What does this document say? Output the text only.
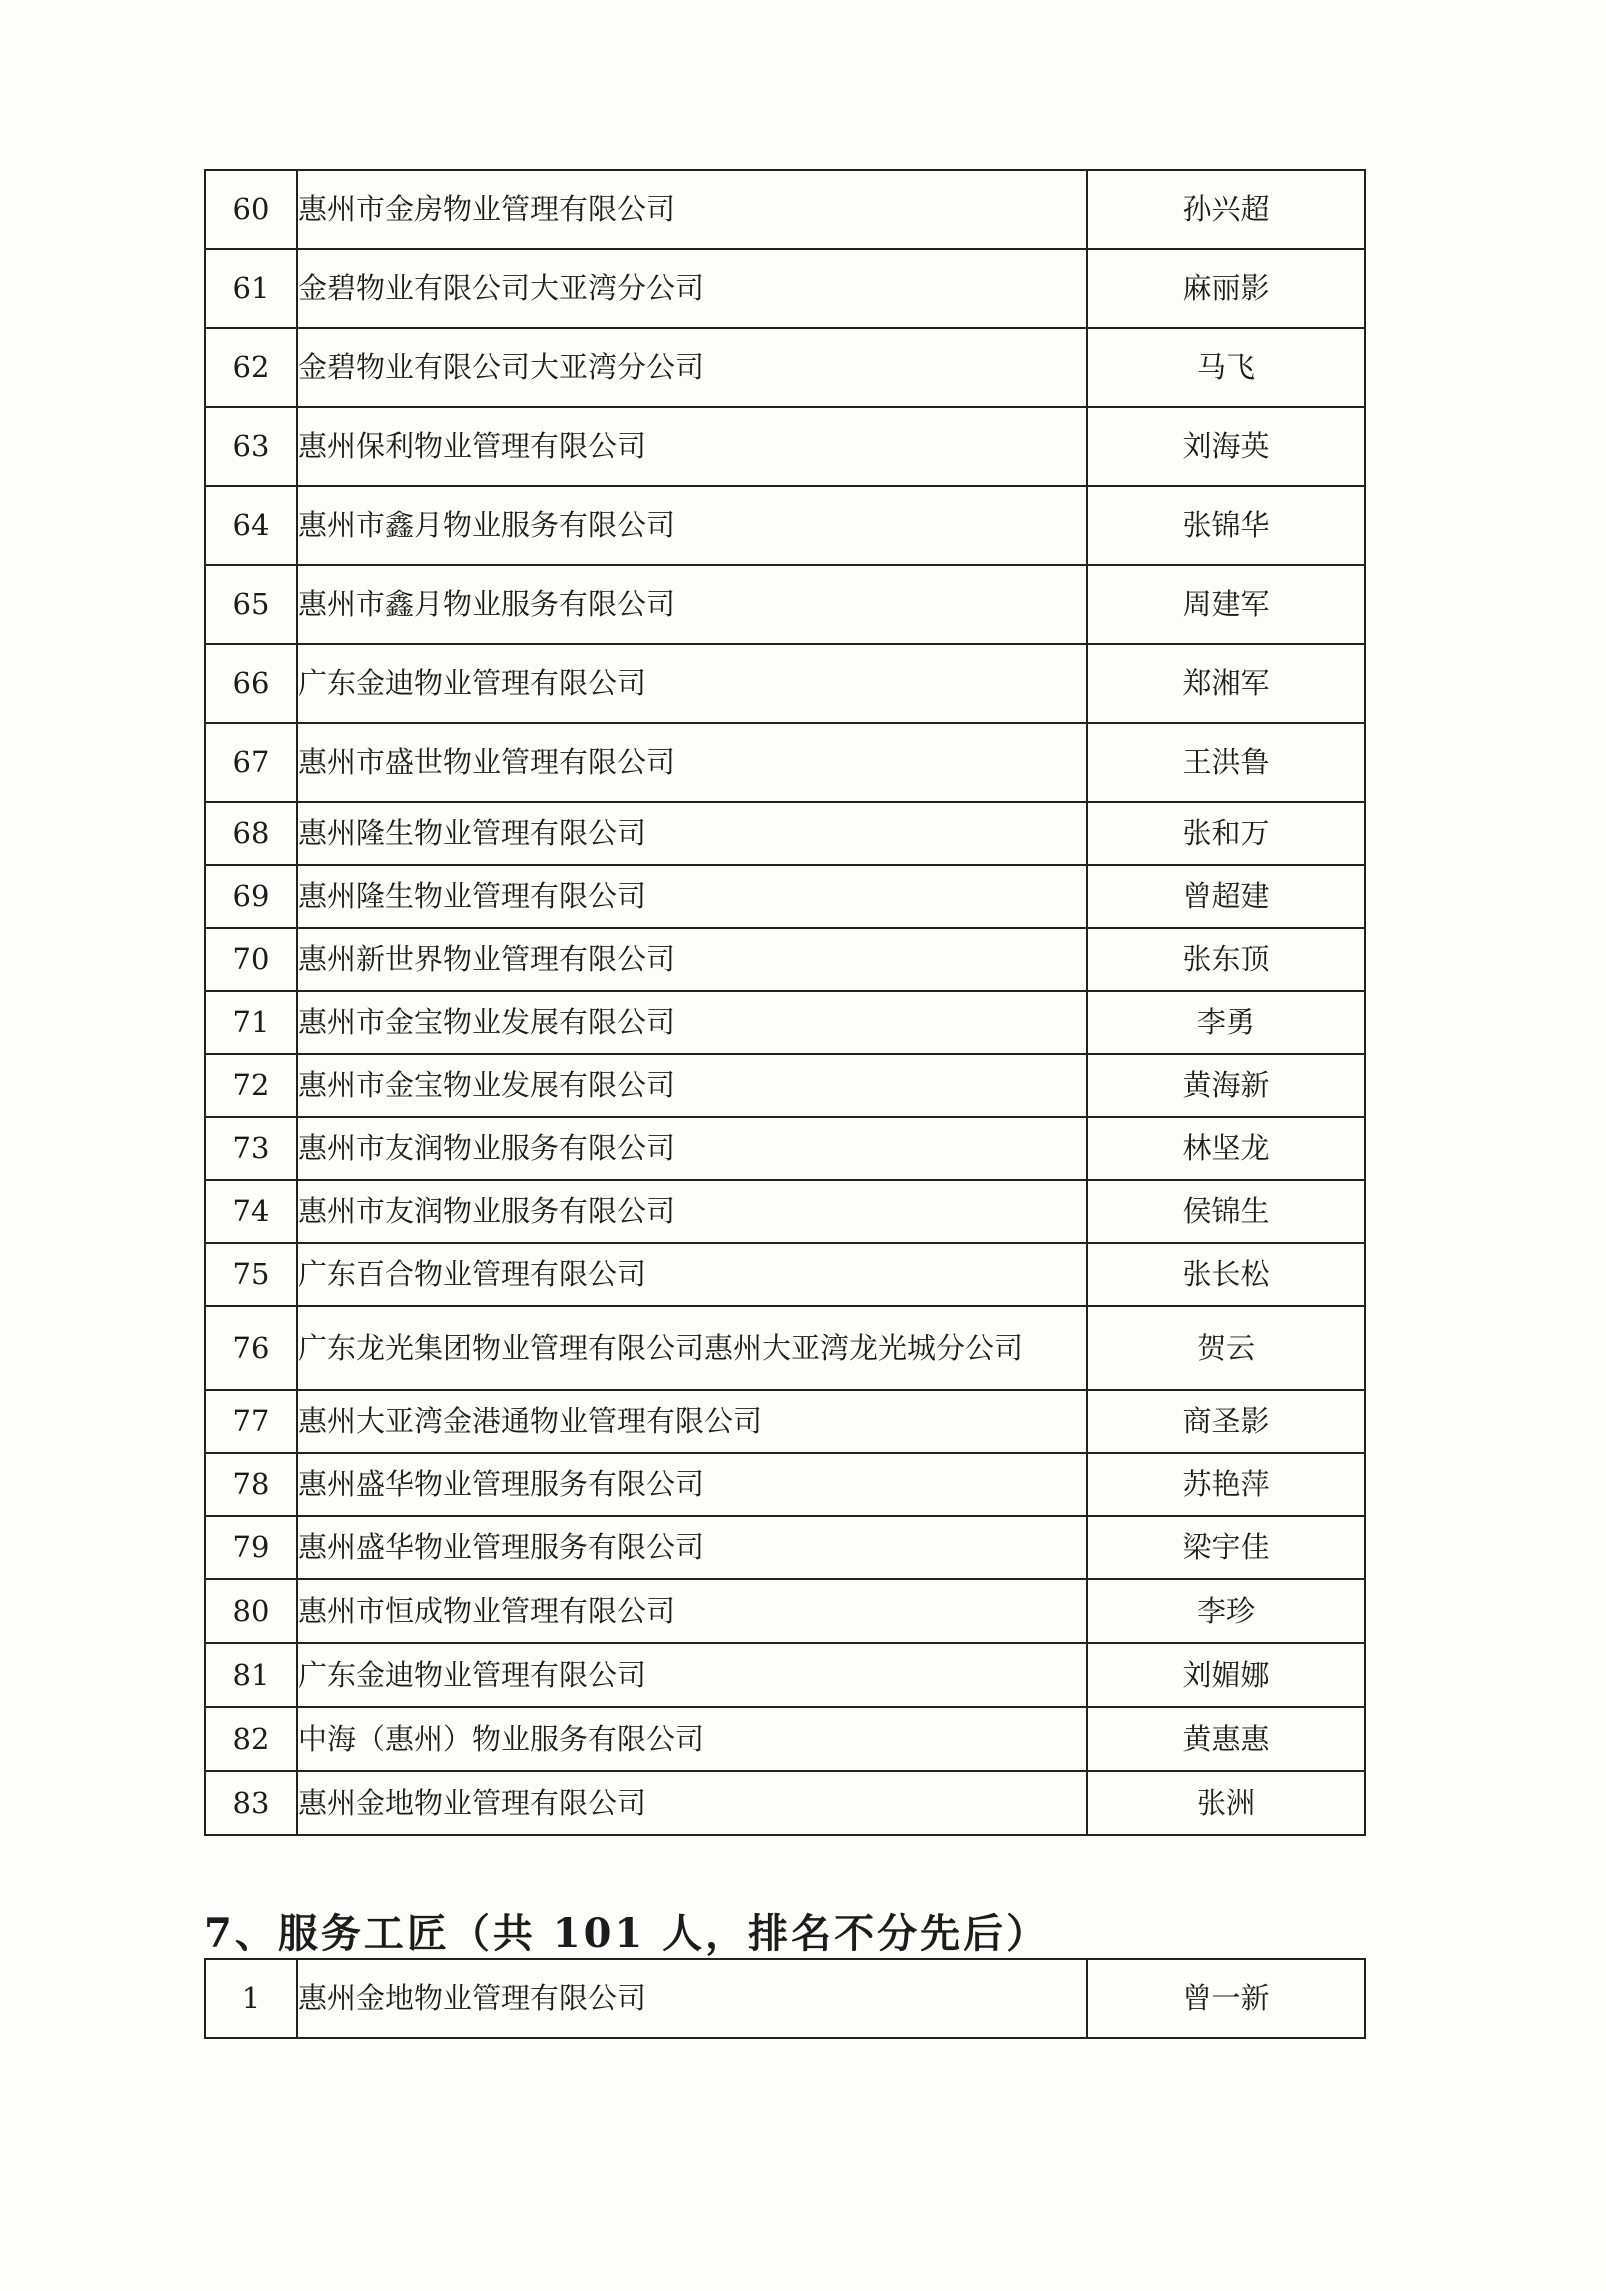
60	惠州市金房物业管理有限公司	孙兴超
61	金碧物业有限公司大亚湾分公司	麻丽影
62	金碧物业有限公司大亚湾分公司	马飞
63	惠州保利物业管理有限公司	刘海英
64	惠州市鑫月物业服务有限公司	张锦华
65	惠州市鑫月物业服务有限公司	周建军
66	广东金迪物业管理有限公司	郑湘军
67	惠州市盛世物业管理有限公司	王洪鲁
68	惠州隆生物业管理有限公司	张和万
69	惠州隆生物业管理有限公司	曾超建
70	惠州新世界物业管理有限公司	张东顶
71	惠州市金宝物业发展有限公司	李勇
72	惠州市金宝物业发展有限公司	黄海新
73	惠州市友润物业服务有限公司	林坚龙
74	惠州市友润物业服务有限公司	侯锦生
75	广东百合物业管理有限公司	张长松
76	广东龙光集团物业管理有限公司惠州大亚湾龙光城分公司	贺云
77	惠州大亚湾金港通物业管理有限公司	商圣影
78	惠州盛华物业管理服务有限公司	苏艳萍
79	惠州盛华物业管理服务有限公司	梁宇佳
80	惠州市恒成物业管理有限公司	李珍
81	广东金迪物业管理有限公司	刘媚娜
82	中海（惠州）物业服务有限公司	黄惠惠
83	惠州金地物业管理有限公司	张洲
7、服务工匠（共 101 人，排名不分先后）
1	惠州金地物业管理有限公司	曾一新
